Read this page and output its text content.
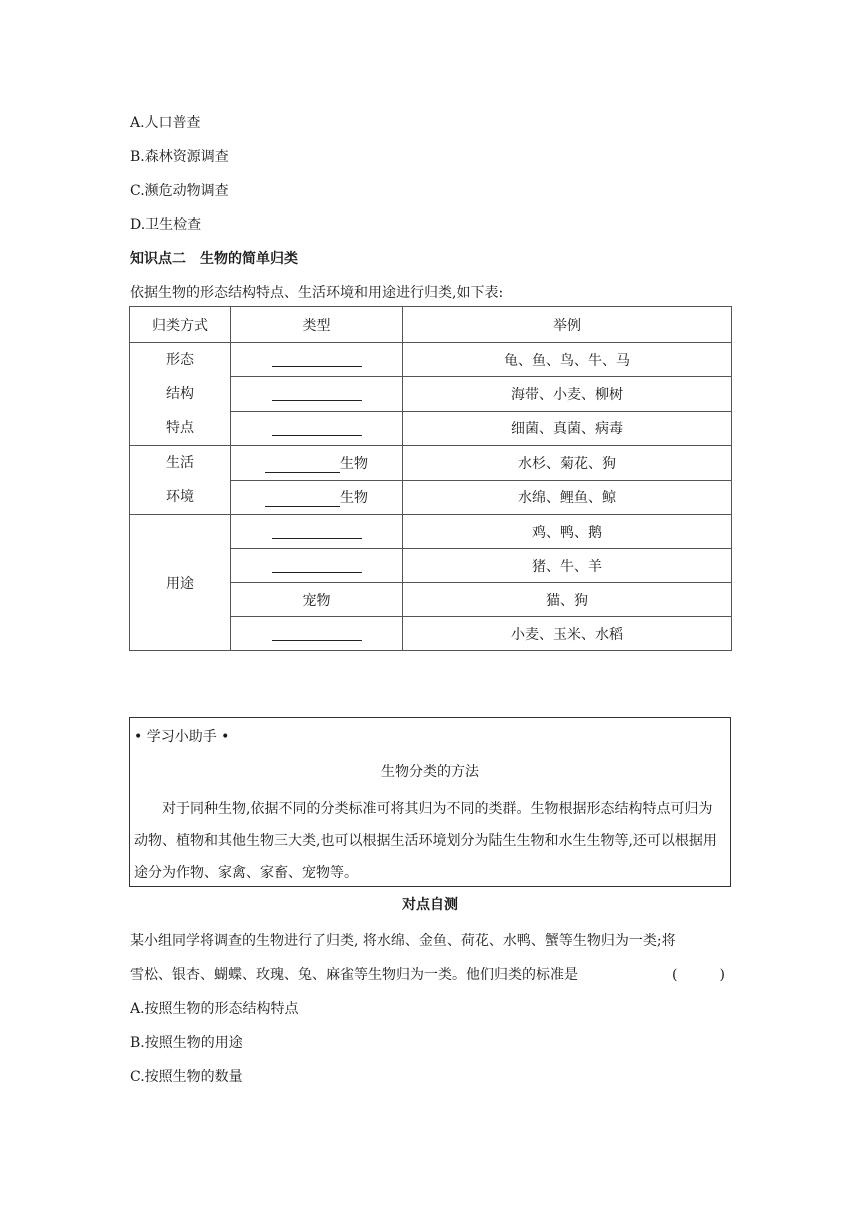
A.人口普查
B.森林资源调查
C.濒危动物调查
D.卫生检查
知识点二　生物的简单归类
依据生物的形态结构特点、生活环境和用途进行归类,如下表:
归类方式	类型	举例

形态
结构
特点		龟、鱼、鸟、牛、马
		海带、小麦、柳树
		细菌、真菌、病毒

生活
环境	生物	水杉、菊花、狗
	生物	水绵、鲤鱼、鲸
用途		鸡、鸭、鹅
		猪、牛、羊
	宠物	猫、狗
		小麦、玉米、水稻
• 学习小助手 •
生物分类的方法
对于同种生物,依据不同的分类标准可将其归为不同的类群。生物根据形态结构特点可归为动物、植物和其他生物三大类,也可以根据生活环境划分为陆生生物和水生生物等,还可以根据用途分为作物、家禽、家畜、宠物等。
对点自测
某小组同学将调查的生物进行了归类, 将水绵、金鱼、荷花、水鸭、蟹等生物归为一类;将
雪松、银杏、蝴蝶、玫瑰、兔、麻雀等生物归为一类。他们归类的标准是	(　　　)
A.按照生物的形态结构特点
B.按照生物的用途
C.按照生物的数量
